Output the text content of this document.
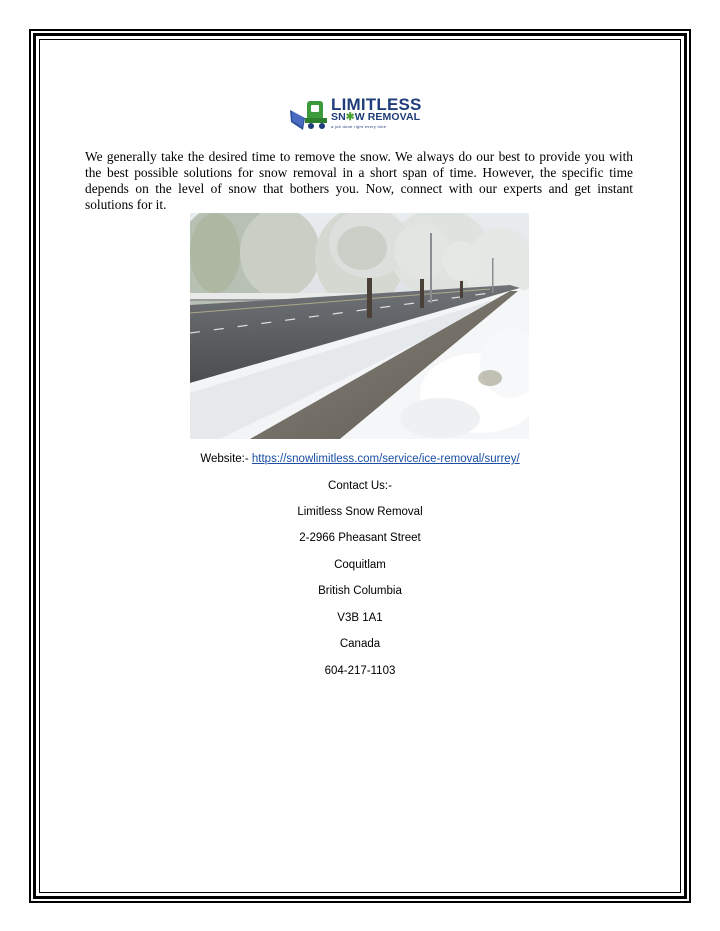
LIMITLESS
SN✱W REMOVAL
a job done right every time

We generally take the desired time to remove the snow. We always do our best to provide you with the best possible solutions for snow removal in a short span of time. However, the specific time depends on the level of snow that bothers you. Now, connect with our experts and get instant solutions for it.

Website:- https://snowlimitless.com/service/ice-removal/surrey/
Contact Us:-
Limitless Snow Removal
2-2966 Pheasant Street
Coquitlam
British Columbia
V3B 1A1
Canada
604-217-1103
